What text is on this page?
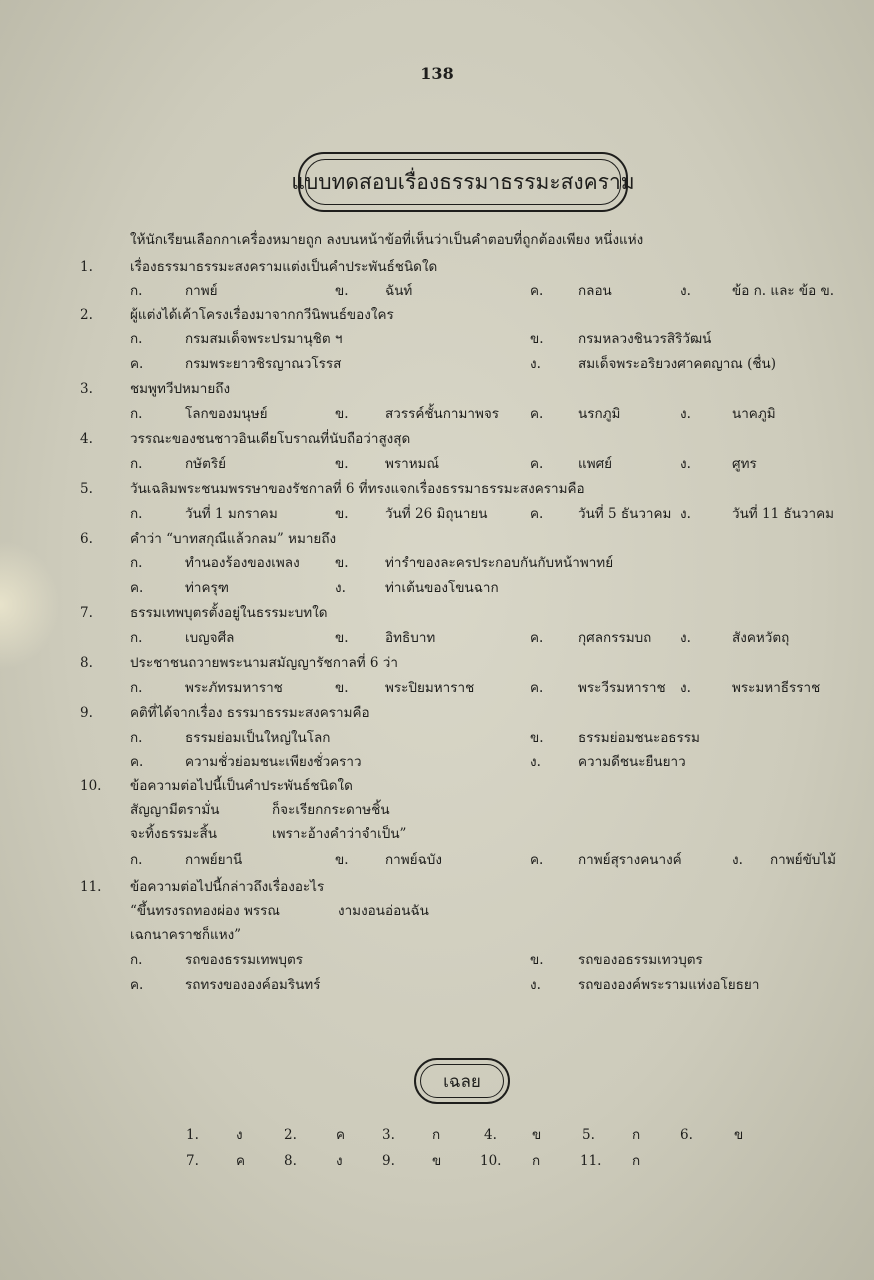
138
แบบทดสอบเรื่องธรรมาธรรมะสงคราม
ให้นักเรียนเลือกกาเครื่องหมายถูก ลงบนหน้าข้อที่เห็นว่าเป็นคำตอบที่ถูกต้องเพียง หนึ่งแห่ง
1.	เรื่องธรรมาธรรมะสงครามแต่งเป็นคำประพันธ์ชนิดใด
ก.	กาพย์	ข.	ฉันท์	ค.	กลอน	ง.	ข้อ ก. และ ข้อ ข.
2.	ผู้แต่งได้เค้าโครงเรื่องมาจากกวีนิพนธ์ของใคร
ก.	กรมสมเด็จพระปรมานุชิต ฯ	ข.	กรมหลวงชินวรสิริวัฒน์
ค.	กรมพระยาวชิรญาณวโรรส	ง.	สมเด็จพระอริยวงศาคตญาณ (ชื่น)
3.	ชมพูทวีปหมายถึง
ก.	โลกของมนุษย์	ข.	สวรรค์ชั้นกามาพจร ค.	นรกภูมิ	ง.	นาคภูมิ
4.	วรรณะของชนชาวอินเดียโบราณที่นับถือว่าสูงสุด
ก.	กษัตริย์	ข.	พราหมณ์	ค.	แพศย์	ง.	ศูทร
5.	วันเฉลิมพระชนมพรรษาของรัชกาลที่ 6 ที่ทรงแจกเรื่องธรรมาธรรมะสงครามคือ
ก.	วันที่ 1 มกราคม	ข.	วันที่ 26 มิถุนายน	ค.	วันที่ 5 ธันวาคม ง.	วันที่ 11 ธันวาคม
6.	คำว่า “บาทสกุณีแล้วกลม” หมายถึง
ก.	ทำนองร้องของเพลง	ข.	ท่ารำของละครประกอบกันกับหน้าพาทย์
ค.	ท่าครุฑ	ง.	ท่าเต้นของโขนฉาก
7.	ธรรมเทพบุตรตั้งอยู่ในธรรมะบทใด
ก.	เบญจศีล	ข.	อิทธิบาท	ค.	กุศลกรรมบถ ง.	สังคหวัตถุ
8.	ประชาชนถวายพระนามสมัญญารัชกาลที่ 6 ว่า
ก.	พระภัทรมหาราช	ข.	พระปิยมหาราช	ค.	พระวีรมหาราช ง.	พระมหาธีรราช
9.	คติที่ได้จากเรื่อง ธรรมาธรรมะสงครามคือ
ก.	ธรรมย่อมเป็นใหญ่ในโลก	ข.	ธรรมย่อมชนะอธรรม
ค.	ความชั่วย่อมชนะเพียงชั่วคราว	ง.	ความดีชนะยืนยาว
10. ข้อความต่อไปนี้เป็นคำประพันธ์ชนิดใด
สัญญามีตรามั่น	ก็จะเรียกกระดาษชิ้น
จะทิ้งธรรมะสิ้น	เพราะอ้างคำว่าจำเป็น”
ก.	กาพย์ยานี	ข.	กาพย์ฉบัง	ค.	กาพย์สุรางคนางค์	ง. กาพย์ขับไม้
11. ข้อความต่อไปนี้กล่าวถึงเรื่องอะไร
“ขึ้นทรงรถทองผ่อง พรรณ	งามงอนอ่อนฉัน
เฉกนาคราชก็แหง”
ก.	รถของธรรมเทพบุตร	ข.	รถของอธรรมเทวบุตร
ค.	รถทรงขององค์อมรินทร์	ง.	รถขององค์พระรามแห่งอโยธยา
เฉลย
1.	ง	2.	ค	3.	ก	4.	ข	5.	ก	6.	ข
7.	ค	8.	ง	9.	ข	10. ก	11. ก
